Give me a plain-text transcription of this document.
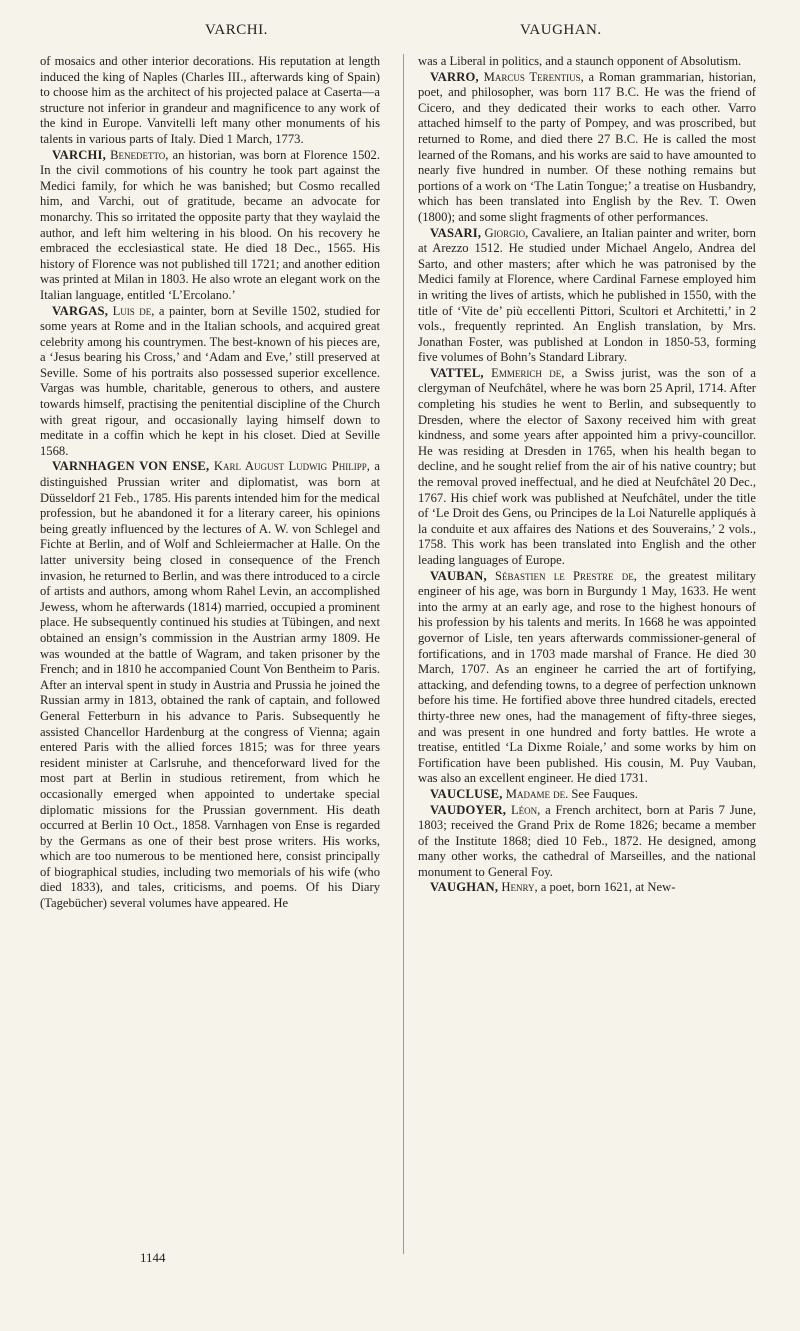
VARCHI.	VAUGHAN.

of mosaics and other interior decorations. His reputation at length induced the king of Naples (Charles III., afterwards king of Spain) to choose him as the architect of his projected palace at Caserta—a structure not inferior in grandeur and magnificence to any work of the kind in Europe. Vanvitelli left many other monuments of his talents in various parts of Italy. Died 1 March, 1773.

VARCHI, Benedetto, an historian, was born at Florence 1502. In the civil commotions of his country he took part against the Medici family, for which he was banished; but Cosmo recalled him, and Varchi, out of gratitude, became an advocate for monarchy. This so irritated the opposite party that they waylaid the author, and left him weltering in his blood. On his recovery he embraced the ecclesiastical state. He died 18 Dec., 1565. His history of Florence was not published till 1721; and another edition was printed at Milan in 1803. He also wrote an elegant work on the Italian language, entitled ‘L’Ercolano.’

VARGAS, Luis de, a painter, born at Seville 1502, studied for some years at Rome and in the Italian schools, and acquired great celebrity among his countrymen. The best-known of his pieces are, a ‘Jesus bearing his Cross,’ and ‘Adam and Eve,’ still preserved at Seville. Some of his portraits also possessed superior excellence. Vargas was humble, charitable, generous to others, and austere towards himself, practising the penitential discipline of the Church with great rigour, and occasionally laying himself down to meditate in a coffin which he kept in his closet. Died at Seville 1568.

VARNHAGEN VON ENSE, Karl August Ludwig Philipp, a distinguished Prussian writer and diplomatist, was born at Düsseldorf 21 Feb., 1785. His parents intended him for the medical profession, but he abandoned it for a literary career, his opinions being greatly influenced by the lectures of A. W. von Schlegel and Fichte at Berlin, and of Wolf and Schleiermacher at Halle. On the latter university being closed in consequence of the French invasion, he returned to Berlin, and was there introduced to a circle of artists and authors, among whom Rahel Levin, an accomplished Jewess, whom he afterwards (1814) married, occupied a prominent place. He subsequently continued his studies at Tübingen, and next obtained an ensign’s commission in the Austrian army 1809. He was wounded at the battle of Wagram, and taken prisoner by the French; and in 1810 he accompanied Count Von Bentheim to Paris. After an interval spent in study in Austria and Prussia he joined the Russian army in 1813, obtained the rank of captain, and followed General Fetterburn in his advance to Paris. Subsequently he assisted Chancellor Hardenburg at the congress of Vienna; again entered Paris with the allied forces 1815; was for three years resident minister at Carlsruhe, and thenceforward lived for the most part at Berlin in studious retirement, from which he occasionally emerged when appointed to undertake special diplomatic missions for the Prussian government. His death occurred at Berlin 10 Oct., 1858. Varnhagen von Ense is regarded by the Germans as one of their best prose writers. His works, which are too numerous to be mentioned here, consist principally of biographical studies, including two memorials of his wife (who died 1833), and tales, criticisms, and poems. Of his Diary (Tagebücher) several volumes have appeared. He

was a Liberal in politics, and a staunch opponent of Absolutism.

VARRO, Marcus Terentius, a Roman grammarian, historian, poet, and philosopher, was born 117 B.C. He was the friend of Cicero, and they dedicated their works to each other. Varro attached himself to the party of Pompey, and was proscribed, but returned to Rome, and died there 27 B.C. He is called the most learned of the Romans, and his works are said to have amounted to nearly five hundred in number. Of these nothing remains but portions of a work on ‘The Latin Tongue;’ a treatise on Husbandry, which has been translated into English by the Rev. T. Owen (1800); and some slight fragments of other performances.

VASARI, Giorgio, Cavaliere, an Italian painter and writer, born at Arezzo 1512. He studied under Michael Angelo, Andrea del Sarto, and other masters; after which he was patronised by the Medici family at Florence, where Cardinal Farnese employed him in writing the lives of artists, which he published in 1550, with the title of ‘Vite de’ più eccellenti Pittori, Scultori et Architetti,’ in 2 vols., frequently reprinted. An English translation, by Mrs. Jonathan Foster, was published at London in 1850-53, forming five volumes of Bohn’s Standard Library.

VATTEL, Emmerich de, a Swiss jurist, was the son of a clergyman of Neufchâtel, where he was born 25 April, 1714. After completing his studies he went to Berlin, and subsequently to Dresden, where the elector of Saxony received him with great kindness, and some years after appointed him a privy-councillor. He was residing at Dresden in 1765, when his health began to decline, and he sought relief from the air of his native country; but the removal proved ineffectual, and he died at Neufchâtel 20 Dec., 1767. His chief work was published at Neufchâtel, under the title of ‘Le Droit des Gens, ou Principes de la Loi Naturelle appliqués à la conduite et aux affaires des Nations et des Souverains,’ 2 vols., 1758. This work has been translated into English and the other leading languages of Europe.

VAUBAN, Sébastien le Prestre de, the greatest military engineer of his age, was born in Burgundy 1 May, 1633. He went into the army at an early age, and rose to the highest honours of his profession by his talents and merits. In 1668 he was appointed governor of Lisle, ten years afterwards commissioner-general of fortifications, and in 1703 made marshal of France. He died 30 March, 1707. As an engineer he carried the art of fortifying, attacking, and defending towns, to a degree of perfection unknown before his time. He fortified above three hundred citadels, erected thirty-three new ones, had the management of fifty-three sieges, and was present in one hundred and forty battles. He wrote a treatise, entitled ‘La Dixme Roiale,’ and some works by him on Fortification have been published. His cousin, M. Puy Vauban, was also an excellent engineer. He died 1731.

VAUCLUSE, Madame de. See Fauques.

VAUDOYER, Léon, a French architect, born at Paris 7 June, 1803; received the Grand Prix de Rome 1826; became a member of the Institute 1868; died 10 Feb., 1872. He designed, among many other works, the cathedral of Marseilles, and the national monument to General Foy.

VAUGHAN, Henry, a poet, born 1621, at New-

1144
